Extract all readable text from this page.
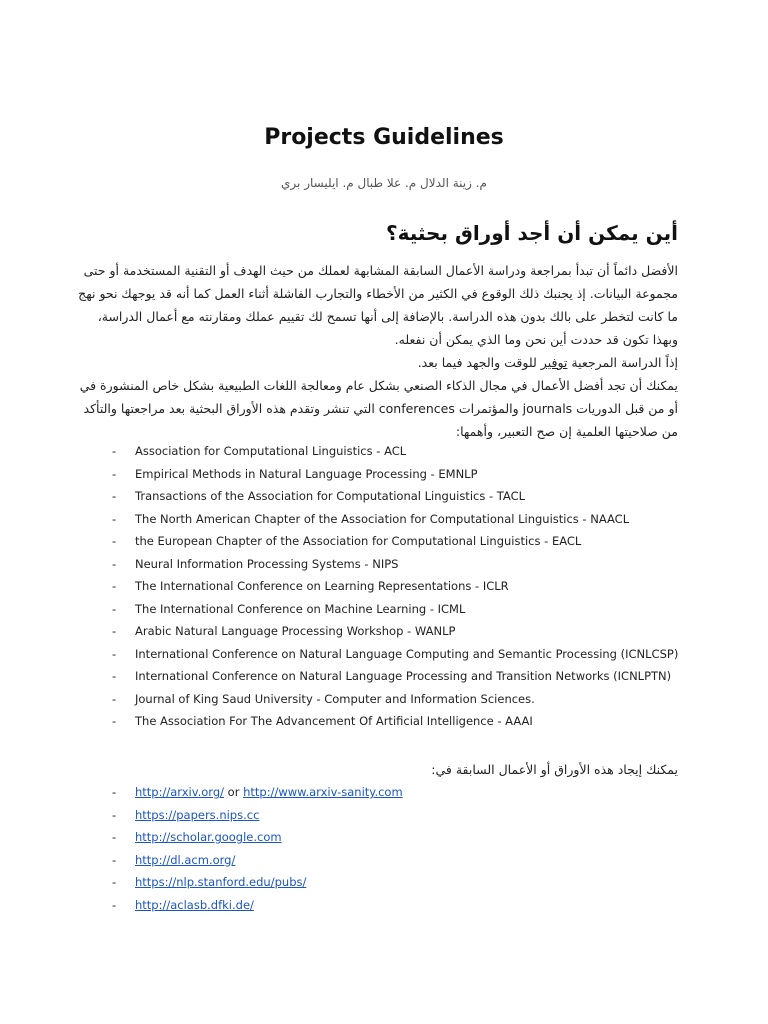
Projects Guidelines
م. زينة الدلال م. علا طبال م. ايليسار بري
أين يمكن أن أجد أوراق بحثية؟

الأفضل دائماً أن تبدأ بمراجعة ودراسة الأعمال السابقة المشابهة لعملك من حيث الهدف أو التقنية المستخدمة أو حتى مجموعة البيانات. إذ يجنبك ذلك الوقوع في الكثير من الأخطاء والتجارب الفاشلة أثناء العمل كما أنه قد يوجهك نحو نهج ما كانت لتخطر على بالك بدون هذه الدراسة. بالإضافة إلى أنها تسمح لك تقييم عملك ومقارنته مع أعمال الدراسة، وبهذا تكون قد حددت أين نحن وما الذي يمكن أن نفعله.

إذاً الدراسة المرجعية توفير للوقت والجهد فيما بعد.

يمكنك أن تجد أفضل الأعمال في مجال الذكاء الصنعي بشكل عام ومعالجة اللغات الطبيعية بشكل خاص المنشورة في أو من قبل الدوريات journals والمؤتمرات conferences التي تنشر وتقدم هذه الأوراق البحثية بعد مراجعتها والتأكد من صلاحيتها العلمية إن صح التعبير، وأهمها:

- Association for Computational Linguistics - ACL
- Empirical Methods in Natural Language Processing - EMNLP
- Transactions of the Association for Computational Linguistics - TACL
- The North American Chapter of the Association for Computational Linguistics - NAACL
- the European Chapter of the Association for Computational Linguistics - EACL
- Neural Information Processing Systems - NIPS
- The International Conference on Learning Representations - ICLR
- The International Conference on Machine Learning - ICML
- Arabic Natural Language Processing Workshop - WANLP
- International Conference on Natural Language Computing and Semantic Processing (ICNLCSP)
- International Conference on Natural Language Processing and Transition Networks (ICNLPTN)
- Journal of King Saud University - Computer and Information Sciences.
- The Association For The Advancement Of Artificial Intelligence - AAAI
يمكنك إيجاد هذه الأوراق أو الأعمال السابقة في:
- http://arxiv.org/ or http://www.arxiv-sanity.com
- https://papers.nips.cc
- http://scholar.google.com
- http://dl.acm.org/
- https://nlp.stanford.edu/pubs/
- http://aclasb.dfki.de/
